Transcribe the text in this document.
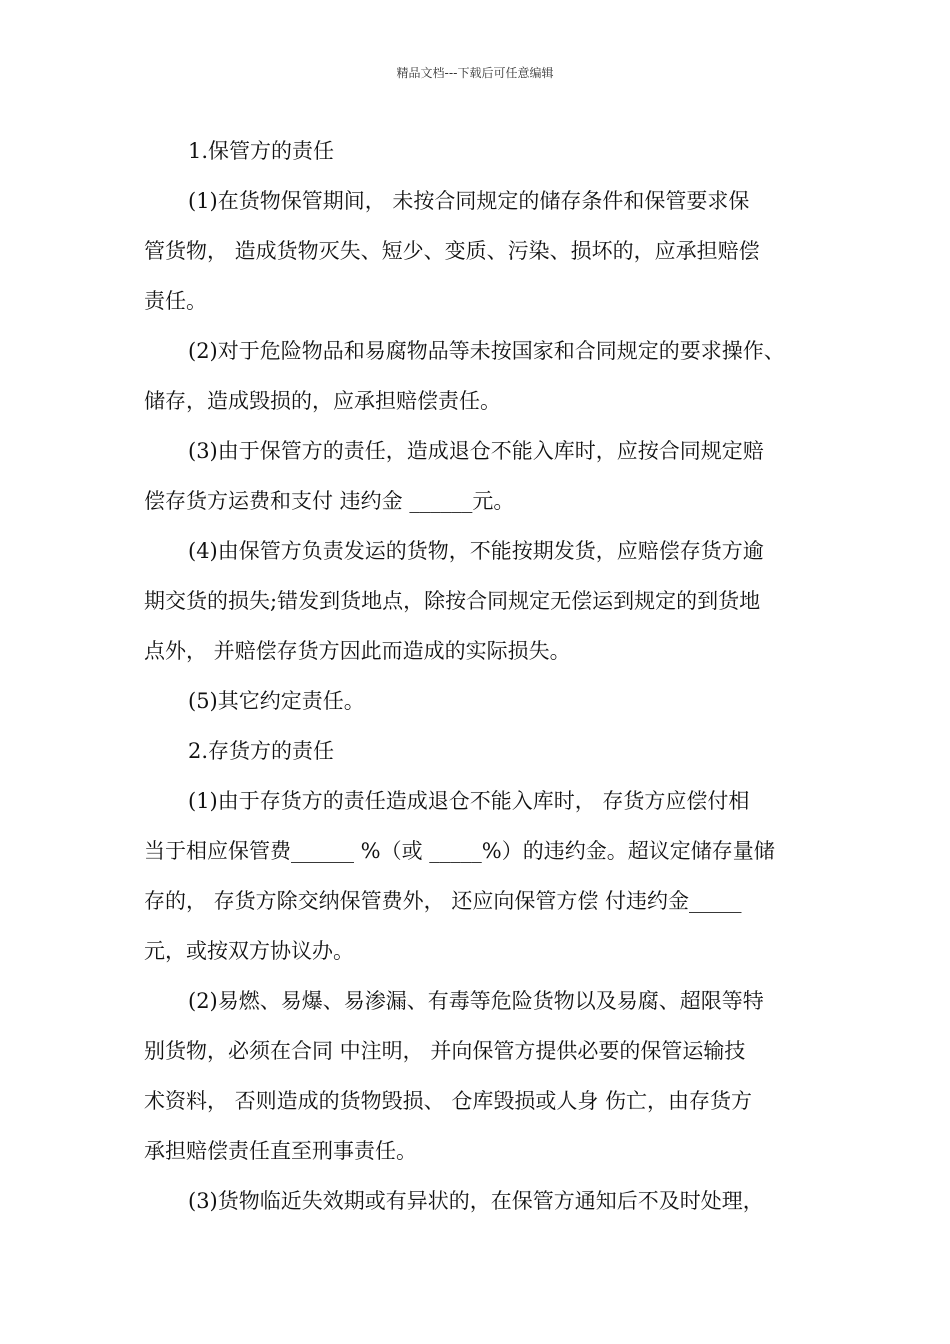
精品文档---下载后可任意编辑
1.保管方的责任
(1)在货物保管期间， 未按合同规定的储存条件和保管要求保
管货物， 造成货物灭失、短少、变质、污染、损坏的，应承担赔偿
责任。
(2)对于危险物品和易腐物品等未按国家和合同规定的要求操作、
储存，造成毁损的，应承担赔偿责任。
(3)由于保管方的责任，造成退仓不能入库时，应按合同规定赔
偿存货方运费和支付 违约金 ______元。
(4)由保管方负责发运的货物，不能按期发货，应赔偿存货方逾
期交货的损失;错发到货地点，除按合同规定无偿运到规定的到货地
点外， 并赔偿存货方因此而造成的实际损失。
(5)其它约定责任。
2.存货方的责任
(1)由于存货方的责任造成退仓不能入库时， 存货方应偿付相
当于相应保管费______ %（或 _____%）的违约金。超议定储存量储
存的， 存货方除交纳保管费外， 还应向保管方偿 付违约金_____
元，或按双方协议办。
(2)易燃、易爆、易渗漏、有毒等危险货物以及易腐、超限等特
别货物，必须在合同 中注明， 并向保管方提供必要的保管运输技
术资料， 否则造成的货物毁损、 仓库毁损或人身 伤亡，由存货方
承担赔偿责任直至刑事责任。
(3)货物临近失效期或有异状的，在保管方通知后不及时处理，
